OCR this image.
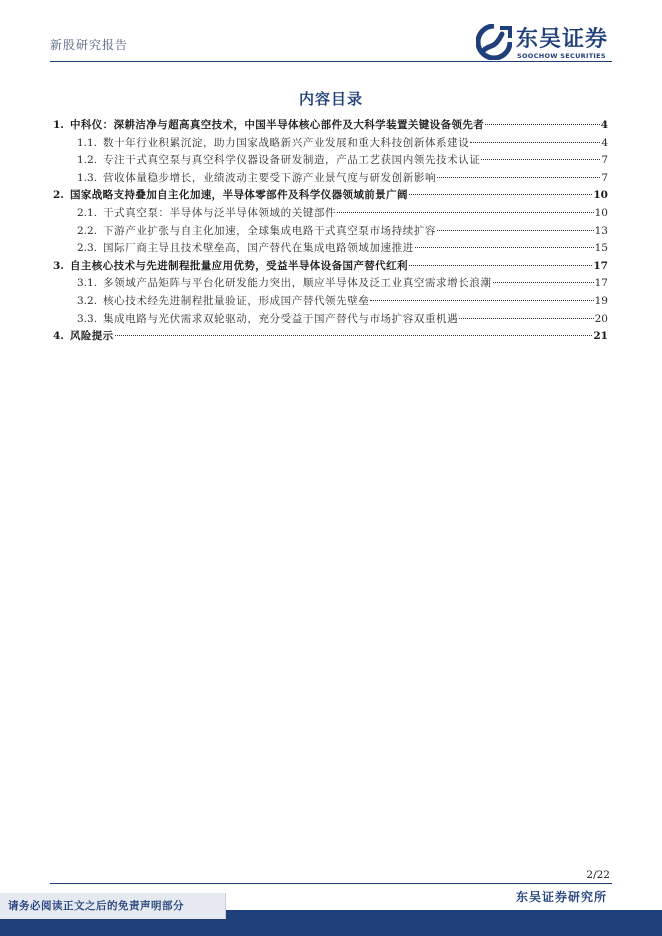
新股研究报告	东吴证券
SOOCHOW SECURITIES
内容目录
1. 中科仪：深耕洁净与超高真空技术，中国半导体核心部件及大科学装置关键设备领先者	4
1.1. 数十年行业积累沉淀，助力国家战略新兴产业发展和重大科技创新体系建设	4
1.2. 专注干式真空泵与真空科学仪器设备研发制造，产品工艺获国内领先技术认证	7
1.3. 营收体量稳步增长，业绩波动主要受下游产业景气度与研发创新影响	7
2. 国家战略支持叠加自主化加速，半导体零部件及科学仪器领域前景广阔	10
2.1. 干式真空泵：半导体与泛半导体领域的关键部件	10
2.2. 下游产业扩张与自主化加速，全球集成电路干式真空泵市场持续扩容	13
2.3. 国际厂商主导且技术壁垒高，国产替代在集成电路领域加速推进	15
3. 自主核心技术与先进制程批量应用优势，受益半导体设备国产替代红利	17
3.1. 多领域产品矩阵与平台化研发能力突出，顺应半导体及泛工业真空需求增长浪潮	17
3.2. 核心技术经先进制程批量验证，形成国产替代领先壁垒	19
3.3. 集成电路与光伏需求双轮驱动，充分受益于国产替代与市场扩容双重机遇	20
4. 风险提示	21
2/22
东吴证券研究所
请务必阅读正文之后的免责声明部分
